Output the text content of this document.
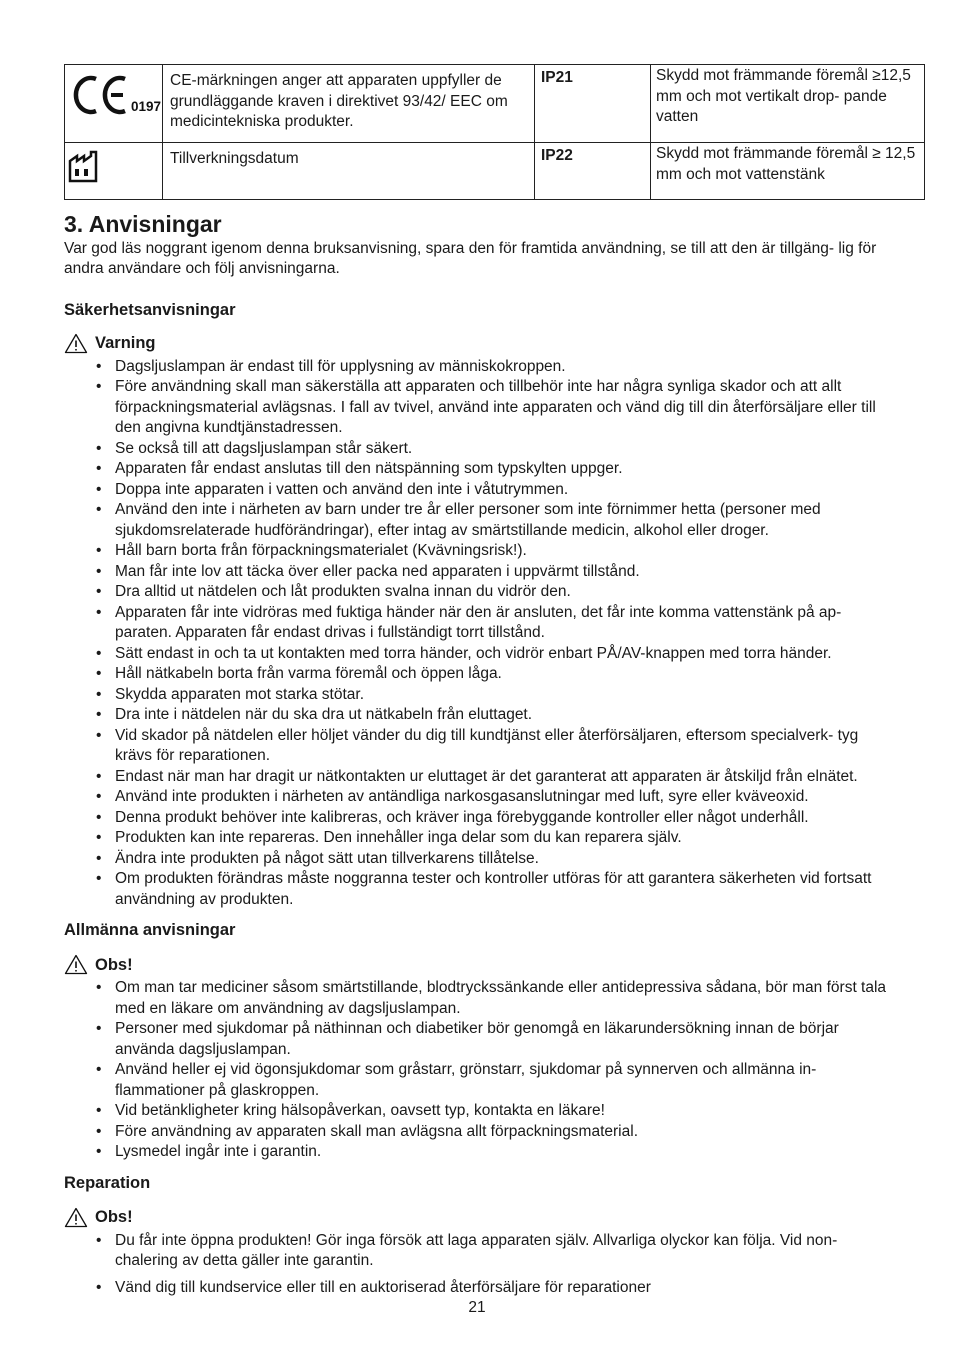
0197	CE-märkningen anger att apparaten uppfyller de grundläggande kraven i direktivet 93/42/ EEC om medicintekniska produkter.	IP21	Skydd mot främmande föremål ≥12,5 mm och mot vertikalt drop- pande vatten
	Tillverkningsdatum	IP22	Skydd mot främmande föremål ≥ 12,5 mm och mot vattenstänk
3. Anvisningar

Var god läs noggrant igenom denna bruksanvisning, spara den för framtida användning, se till att den är tillgäng- lig för andra användare och följ anvisningarna.

Säkerhetsanvisningar
Varning
• Dagsljuslampan är endast till för upplysning av människokroppen.
• Före användning skall man säkerställa att apparaten och tillbehör inte har några synliga skador och att allt förpackningsmaterial avlägsnas. I fall av tvivel, använd inte apparaten och vänd dig till din återförsäljare eller till den angivna kundtjänstadressen.
• Se också till att dagsljuslampan står säkert.
• Apparaten får endast anslutas till den nätspänning som typskylten uppger.
• Doppa inte apparaten i vatten och använd den inte i våtutrymmen.
• Använd den inte i närheten av barn under tre år eller personer som inte förnimmer hetta (personer med sjukdomsrelaterade hudförändringar), efter intag av smärtstillande medicin, alkohol eller droger.
• Håll barn borta från förpackningsmaterialet (Kvävningsrisk!).
• Man får inte lov att täcka över eller packa ned apparaten i uppvärmt tillstånd.
• Dra alltid ut nätdelen och låt produkten svalna innan du vidrör den.
• Apparaten får inte vidröras med fuktiga händer när den är ansluten, det får inte komma vattenstänk på ap- paraten. Apparaten får endast drivas i fullständigt torrt tillstånd.
• Sätt endast in och ta ut kontakten med torra händer, och vidrör enbart PÅ/AV-knappen med torra händer.
• Håll nätkabeln borta från varma föremål och öppen låga.
• Skydda apparaten mot starka stötar.
• Dra inte i nätdelen när du ska dra ut nätkabeln från eluttaget.
• Vid skador på nätdelen eller höljet vänder du dig till kundtjänst eller återförsäljaren, eftersom specialverk- tyg krävs för reparationen.
• Endast när man har dragit ur nätkontakten ur eluttaget är det garanterat att apparaten är åtskiljd från elnätet.
• Använd inte produkten i närheten av antändliga narkosgasanslutningar med luft, syre eller kväveoxid.
• Denna produkt behöver inte kalibreras, och kräver inga förebyggande kontroller eller något underhåll.
• Produkten kan inte repareras. Den innehåller inga delar som du kan reparera själv.
• Ändra inte produkten på något sätt utan tillverkarens tillåtelse.
• Om produkten förändras måste noggranna tester och kontroller utföras för att garantera säkerheten vid fortsatt användning av produkten.
Allmänna anvisningar
Obs!
• Om man tar mediciner såsom smärtstillande, blodtryckssänkande eller antidepressiva sådana, bör man först tala med en läkare om användning av dagsljuslampan.
• Personer med sjukdomar på näthinnan och diabetiker bör genomgå en läkarundersökning innan de börjar använda dagsljuslampan.
• Använd heller ej vid ögonsjukdomar som gråstarr, grönstarr, sjukdomar på synnerven och allmänna in- flammationer på glaskroppen.
• Vid betänkligheter kring hälsopåverkan, oavsett typ, kontakta en läkare!
• Före användning av apparaten skall man avlägsna allt förpackningsmaterial.
• Lysmedel ingår inte i garantin.
Reparation
Obs!
• Du får inte öppna produkten! Gör inga försök att laga apparaten själv. Allvarliga olyckor kan följa. Vid non- chalering av detta gäller inte garantin.
• Vänd dig till kundservice eller till en auktoriserad återförsäljare för reparationer
21
